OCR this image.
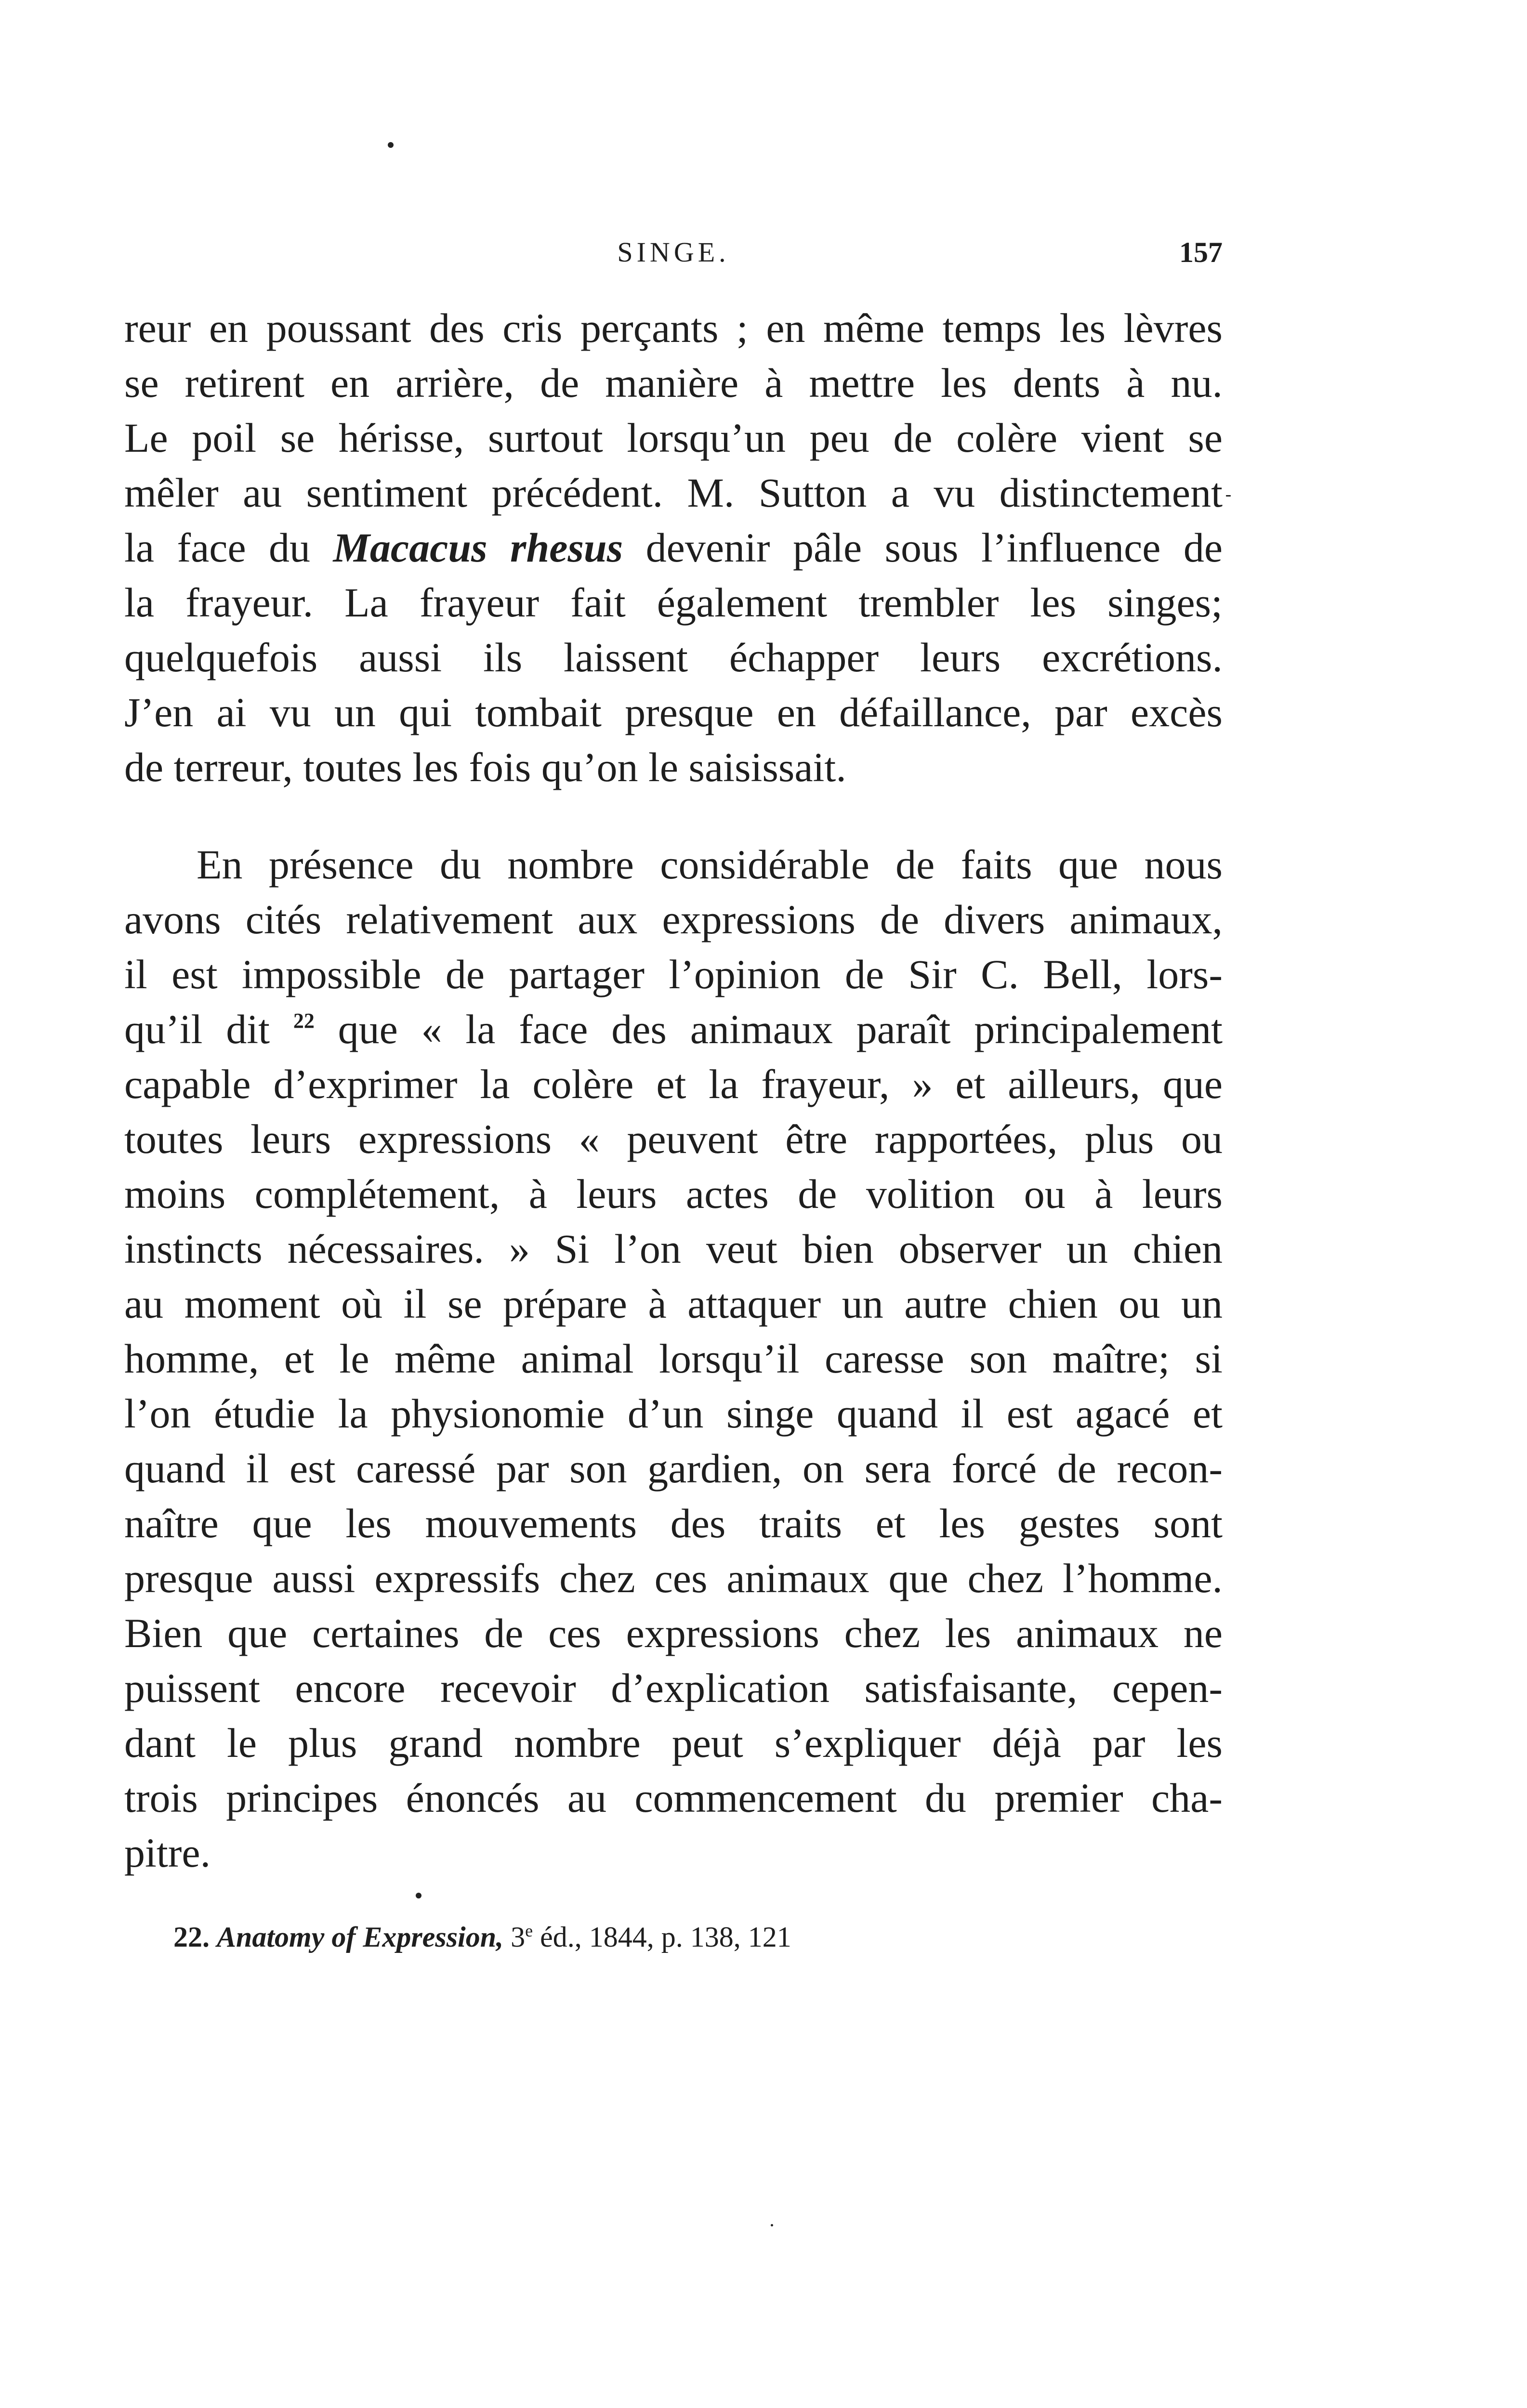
SINGE.	157
reur en poussant des cris perçants ; en même temps les lèvres
se retirent en arrière, de manière à mettre les dents à nu.
Le poil se hérisse, surtout lorsqu’un peu de colère vient se
mêler au sentiment précédent. M. Sutton a vu distinctement
la face du Macacus rhesus devenir pâle sous l’influence de
la frayeur. La frayeur fait également trembler les singes;
quelquefois aussi ils laissent échapper leurs excrétions.
J’en ai vu un qui tombait presque en défaillance, par excès
de terreur, toutes les fois qu’on le saisissait.
En présence du nombre considérable de faits que nous
avons cités relativement aux expressions de divers animaux,
il est impossible de partager l’opinion de Sir C. Bell, lors-
qu’il dit $^{22}$ que « la face des animaux paraît principalement
capable d’exprimer la colère et la frayeur, » et ailleurs, que
toutes leurs expressions « peuvent être rapportées, plus ou
moins complétement, à leurs actes de volition ou à leurs
instincts nécessaires. » Si l’on veut bien observer un chien
au moment où il se prépare à attaquer un autre chien ou un
homme, et le même animal lorsqu’il caresse son maître; si
l’on étudie la physionomie d’un singe quand il est agacé et
quand il est caressé par son gardien, on sera forcé de recon-
naître que les mouvements des traits et les gestes sont
presque aussi expressifs chez ces animaux que chez l’homme.
Bien que certaines de ces expressions chez les animaux ne
puissent encore recevoir d’explication satisfaisante, cepen-
dant le plus grand nombre peut s’expliquer déjà par les
trois principes énoncés au commencement du premier cha-
pitre.
22. Anatomy of Expression, 3e éd., 1844, p. 138, 121
